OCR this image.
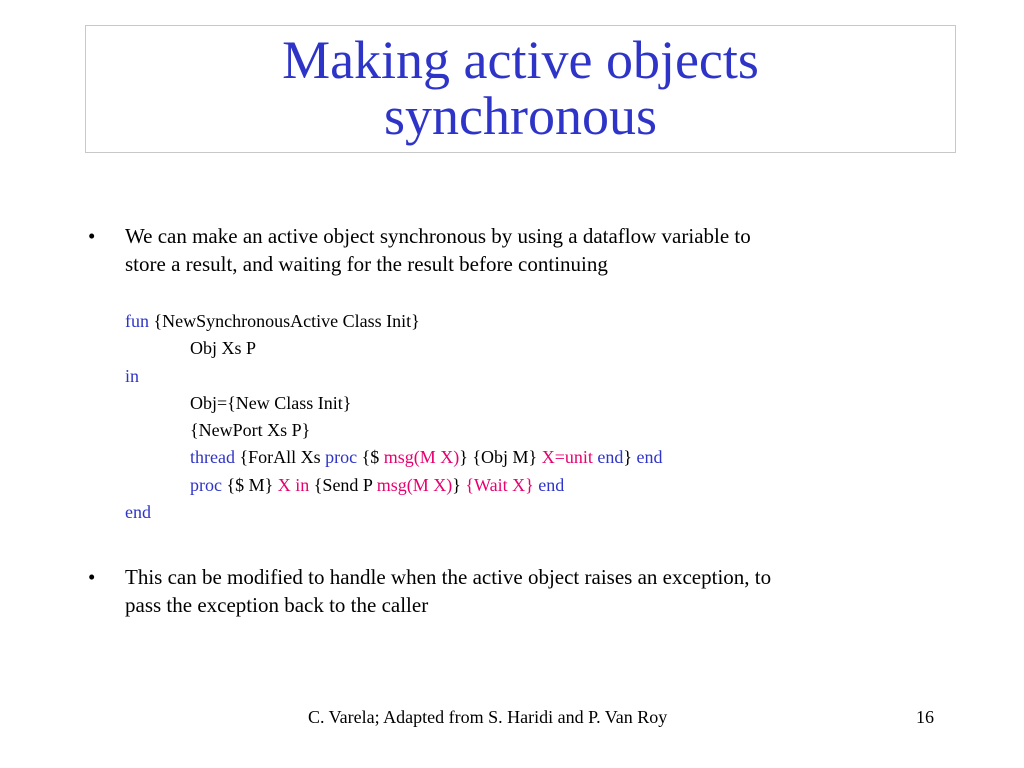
Making active objects
synchronous
• We can make an active object synchronous by using a dataflow variable to
store a result, and waiting for the result before continuing
fun {NewSynchronousActive Class Init}
Obj Xs P
in
Obj={New Class Init}
{NewPort Xs P}
thread {ForAll Xs proc {$ msg(M X)} {Obj M} X=unit end} end
proc {$ M} X in {Send P msg(M X)} {Wait X} end
end
• This can be modified to handle when the active object raises an exception, to
pass the exception back to the caller
C. Varela; Adapted from S. Haridi and P. Van Roy	16
